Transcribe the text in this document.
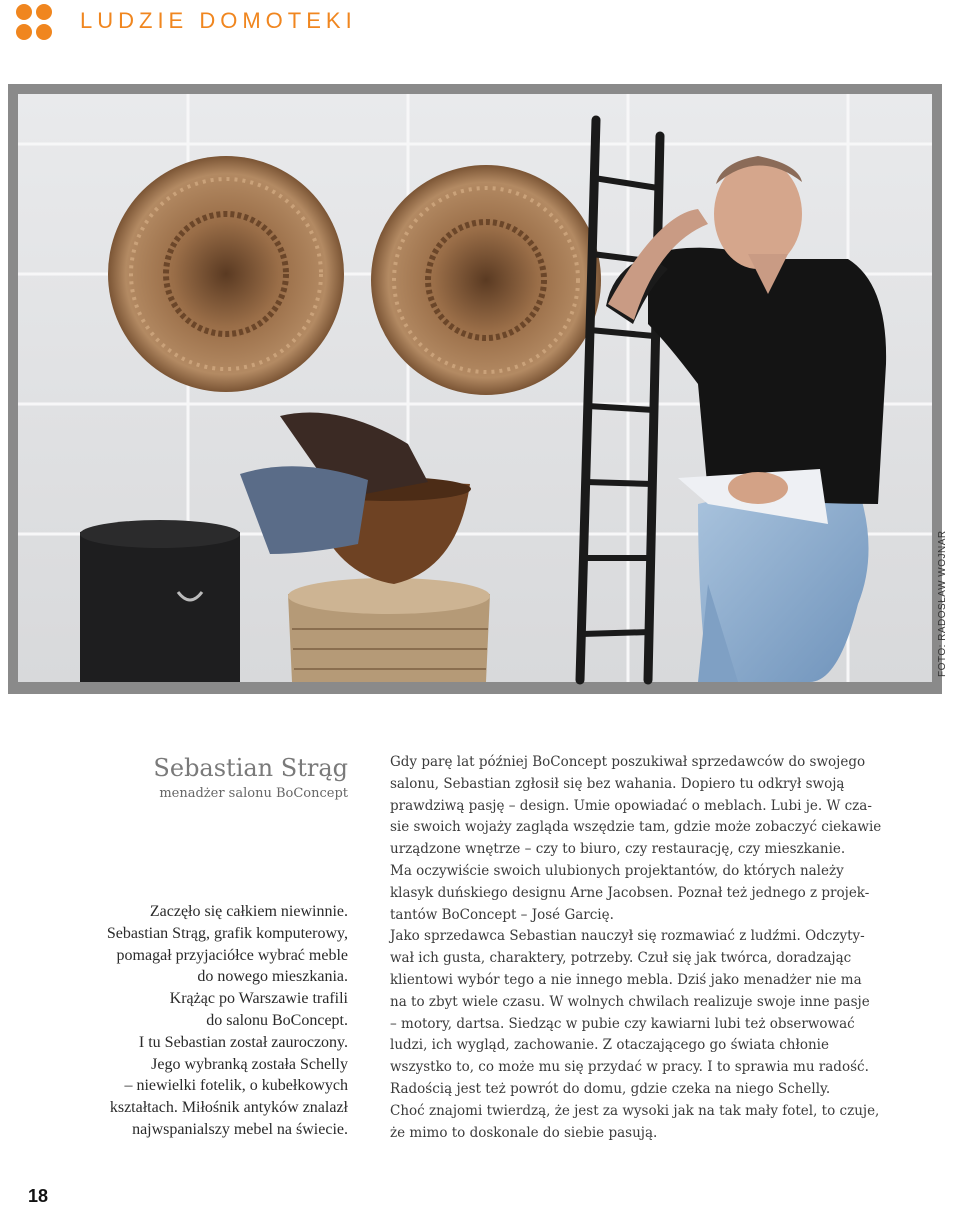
LUDZIE DOMOTEKI
FOTO: RADOSŁAW WOJNAR
Sebastian Strąg
menadżer salonu BoConcept
Zaczęło się całkiem niewinnie.
Sebastian Strąg, grafik komputerowy,
pomagał przyjaciółce wybrać meble
do nowego mieszkania.
Krążąc po Warszawie trafili
do salonu BoConcept.
I tu Sebastian został zauroczony.
Jego wybranką została Schelly
– niewielki fotelik, o kubełkowych
kształtach. Miłośnik antyków znalazł
najwspanialszy mebel na świecie.
Gdy parę lat później BoConcept poszukiwał sprzedawców do swojego
salonu, Sebastian zgłosił się bez wahania. Dopiero tu odkrył swoją
prawdziwą pasję – design. Umie opowiadać o meblach. Lubi je. W cza-
sie swoich wojaży zagląda wszędzie tam, gdzie może zobaczyć ciekawie
urządzone wnętrze – czy to biuro, czy restaurację, czy mieszkanie.
Ma oczywiście swoich ulubionych projektantów, do których należy
klasyk duńskiego designu Arne Jacobsen. Poznał też jednego z projek-
tantów BoConcept – José Garcię.
Jako sprzedawca Sebastian nauczył się rozmawiać z ludźmi. Odczyty-
wał ich gusta, charaktery, potrzeby. Czuł się jak twórca, doradzając
klientowi wybór tego a nie innego mebla. Dziś jako menadżer nie ma
na to zbyt wiele czasu. W wolnych chwilach realizuje swoje inne pasje
– motory, dartsa. Siedząc w pubie czy kawiarni lubi też obserwować
ludzi, ich wygląd, zachowanie. Z otaczającego go świata chłonie
wszystko to, co może mu się przydać w pracy. I to sprawia mu radość.
Radością jest też powrót do domu, gdzie czeka na niego Schelly.
Choć znajomi twierdzą, że jest za wysoki jak na tak mały fotel, to czuje,
że mimo to doskonale do siebie pasują.
18
